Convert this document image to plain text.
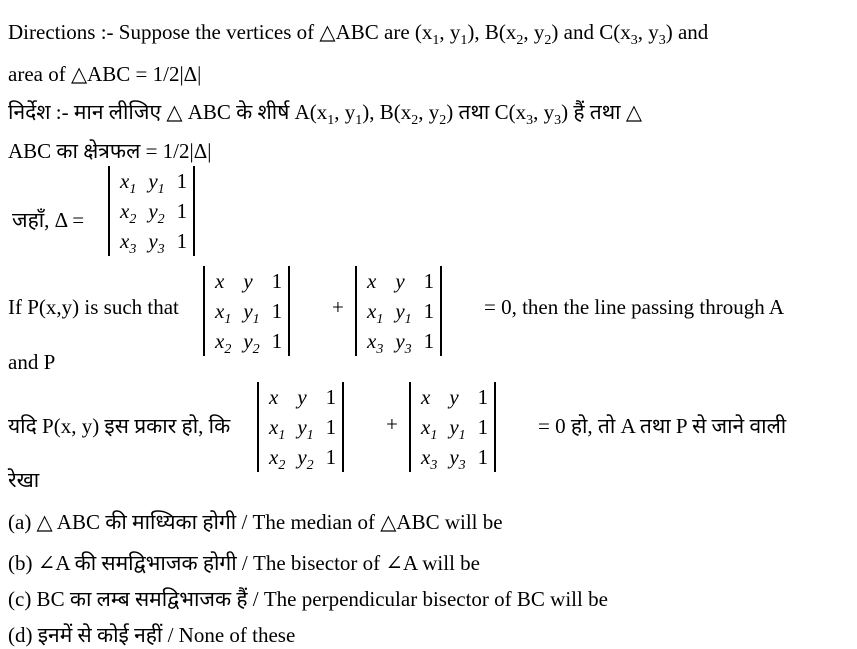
Directions :- Suppose the vertices of △ABC are ($x_1$, $y_1$), $B(x_2$, $y_2$) and $C(x_3$, $y_3$) and
area of △ABC = 1/2|Δ|
निर्देश :- मान लीजिए △ ABC के शीर्ष $A(x_1$, $y_1$), $B(x_2$, $y_2$) तथा $C(x_3$, $y_3$) हैं तथा △
ABC का क्षेत्रफल = 1/2|Δ|
जहाँ, Δ =
$x_1$	$y_1$	1
$x_2$	$y_2$	1
$x_3$	$y_3$	1
If P(x,y) is such that
x	y	1
$x_1$	$y_1$	1
$x_2$	$y_2$	1
+
x	y	1
$x_1$	$y_1$	1
$x_3$	$y_3$	1
= 0, then the line passing through A
and P
यदि P(x, y) इस प्रकार हो, कि
x	y	1
$x_1$	$y_1$	1
$x_2$	$y_2$	1
+
x	y	1
$x_1$	$y_1$	1
$x_3$	$y_3$	1
= 0 हो, तो A तथा P से जाने वाली
रेखा
(a) △ ABC की माध्यिका होगी / The median of △ABC will be
(b) ∠A की समद्विभाजक होगी / The bisector of ∠A will be
(c) BC का लम्ब समद्विभाजक हैं / The perpendicular bisector of BC will be
(d) इनमें से कोई नहीं / None of these
